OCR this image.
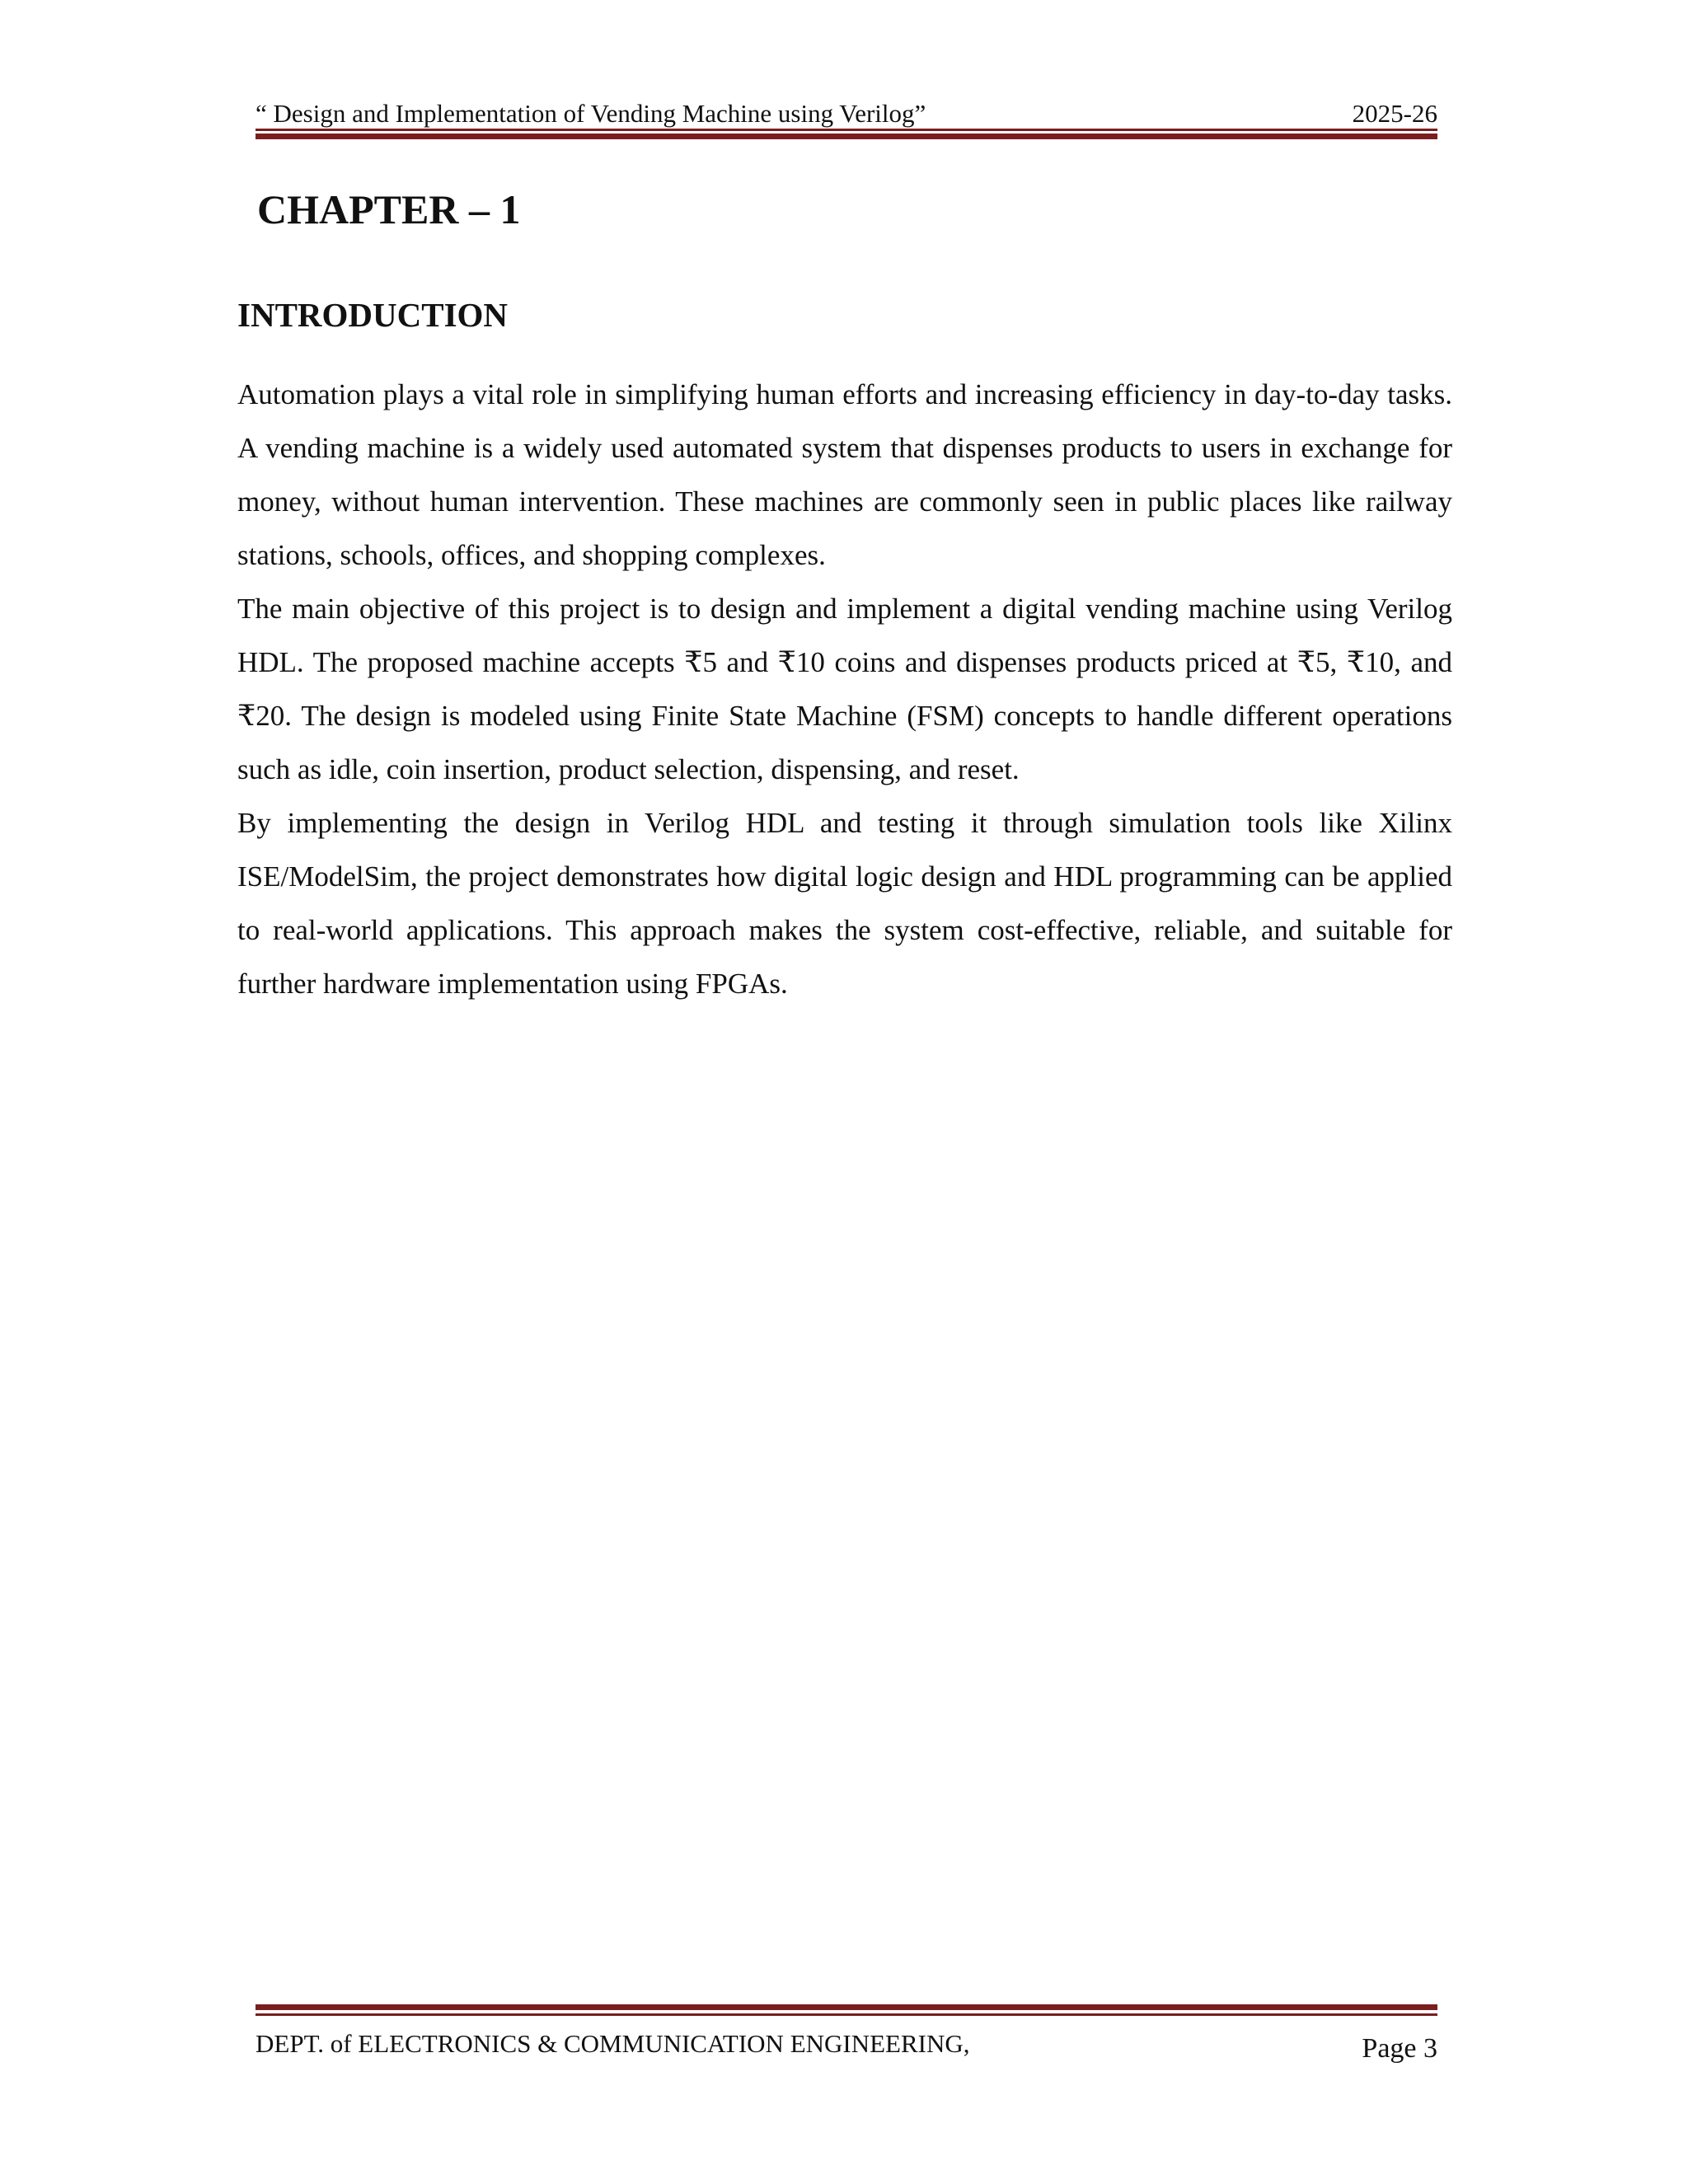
“ Design and Implementation of Vending Machine using Verilog”	2025-26
CHAPTER – 1
INTRODUCTION

Automation plays a vital role in simplifying human efforts and increasing efficiency in day-to-day tasks. A vending machine is a widely used automated system that dispenses products to users in exchange for money, without human intervention. These machines are commonly seen in public places like railway stations, schools, offices, and shopping complexes.

The main objective of this project is to design and implement a digital vending machine using Verilog HDL. The proposed machine accepts ₹5 and ₹10 coins and dispenses products priced at ₹5, ₹10, and ₹20. The design is modeled using Finite State Machine (FSM) concepts to handle different operations such as idle, coin insertion, product selection, dispensing, and reset.

By implementing the design in Verilog HDL and testing it through simulation tools like Xilinx ISE/ModelSim, the project demonstrates how digital logic design and HDL programming can be applied to real-world applications. This approach makes the system cost-effective, reliable, and suitable for further hardware implementation using FPGAs.

DEPT. of ELECTRONICS & COMMUNICATION ENGINEERING,	Page 3
